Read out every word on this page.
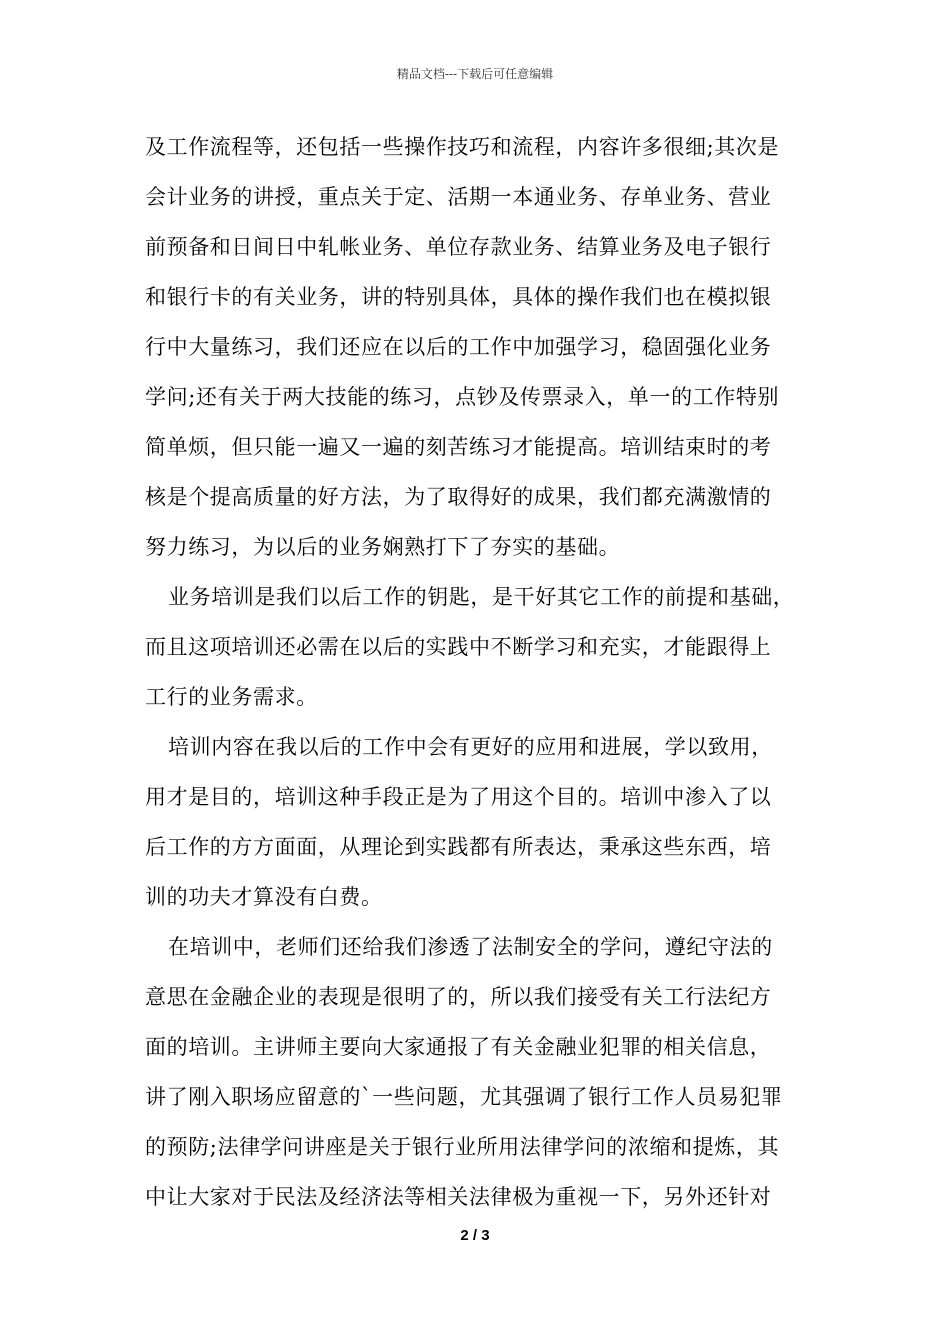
精品文档---下载后可任意编辑
及工作流程等，还包括一些操作技巧和流程，内容许多很细;其次是
会计业务的讲授，重点关于定、活期一本通业务、存单业务、营业
前预备和日间日中轧帐业务、单位存款业务、结算业务及电子银行
和银行卡的有关业务，讲的特别具体，具体的操作我们也在模拟银
行中大量练习，我们还应在以后的工作中加强学习，稳固强化业务
学问;还有关于两大技能的练习，点钞及传票录入，单一的工作特别
简单烦，但只能一遍又一遍的刻苦练习才能提高。培训结束时的考
核是个提高质量的好方法，为了取得好的成果，我们都充满激情的
努力练习，为以后的业务娴熟打下了夯实的基础。
业务培训是我们以后工作的钥匙，是干好其它工作的前提和基础，
而且这项培训还必需在以后的实践中不断学习和充实，才能跟得上
工行的业务需求。
培训内容在我以后的工作中会有更好的应用和进展，学以致用，
用才是目的，培训这种手段正是为了用这个目的。培训中渗入了以
后工作的方方面面，从理论到实践都有所表达，秉承这些东西，培
训的功夫才算没有白费。
在培训中，老师们还给我们渗透了法制安全的学问，遵纪守法的
意思在金融企业的表现是很明了的，所以我们接受有关工行法纪方
面的培训。主讲师主要向大家通报了有关金融业犯罪的相关信息，
讲了刚入职场应留意的`一些问题，尤其强调了银行工作人员易犯罪
的预防;法律学问讲座是关于银行业所用法律学问的浓缩和提炼，其
中让大家对于民法及经济法等相关法律极为重视一下，另外还针对
2 / 3
